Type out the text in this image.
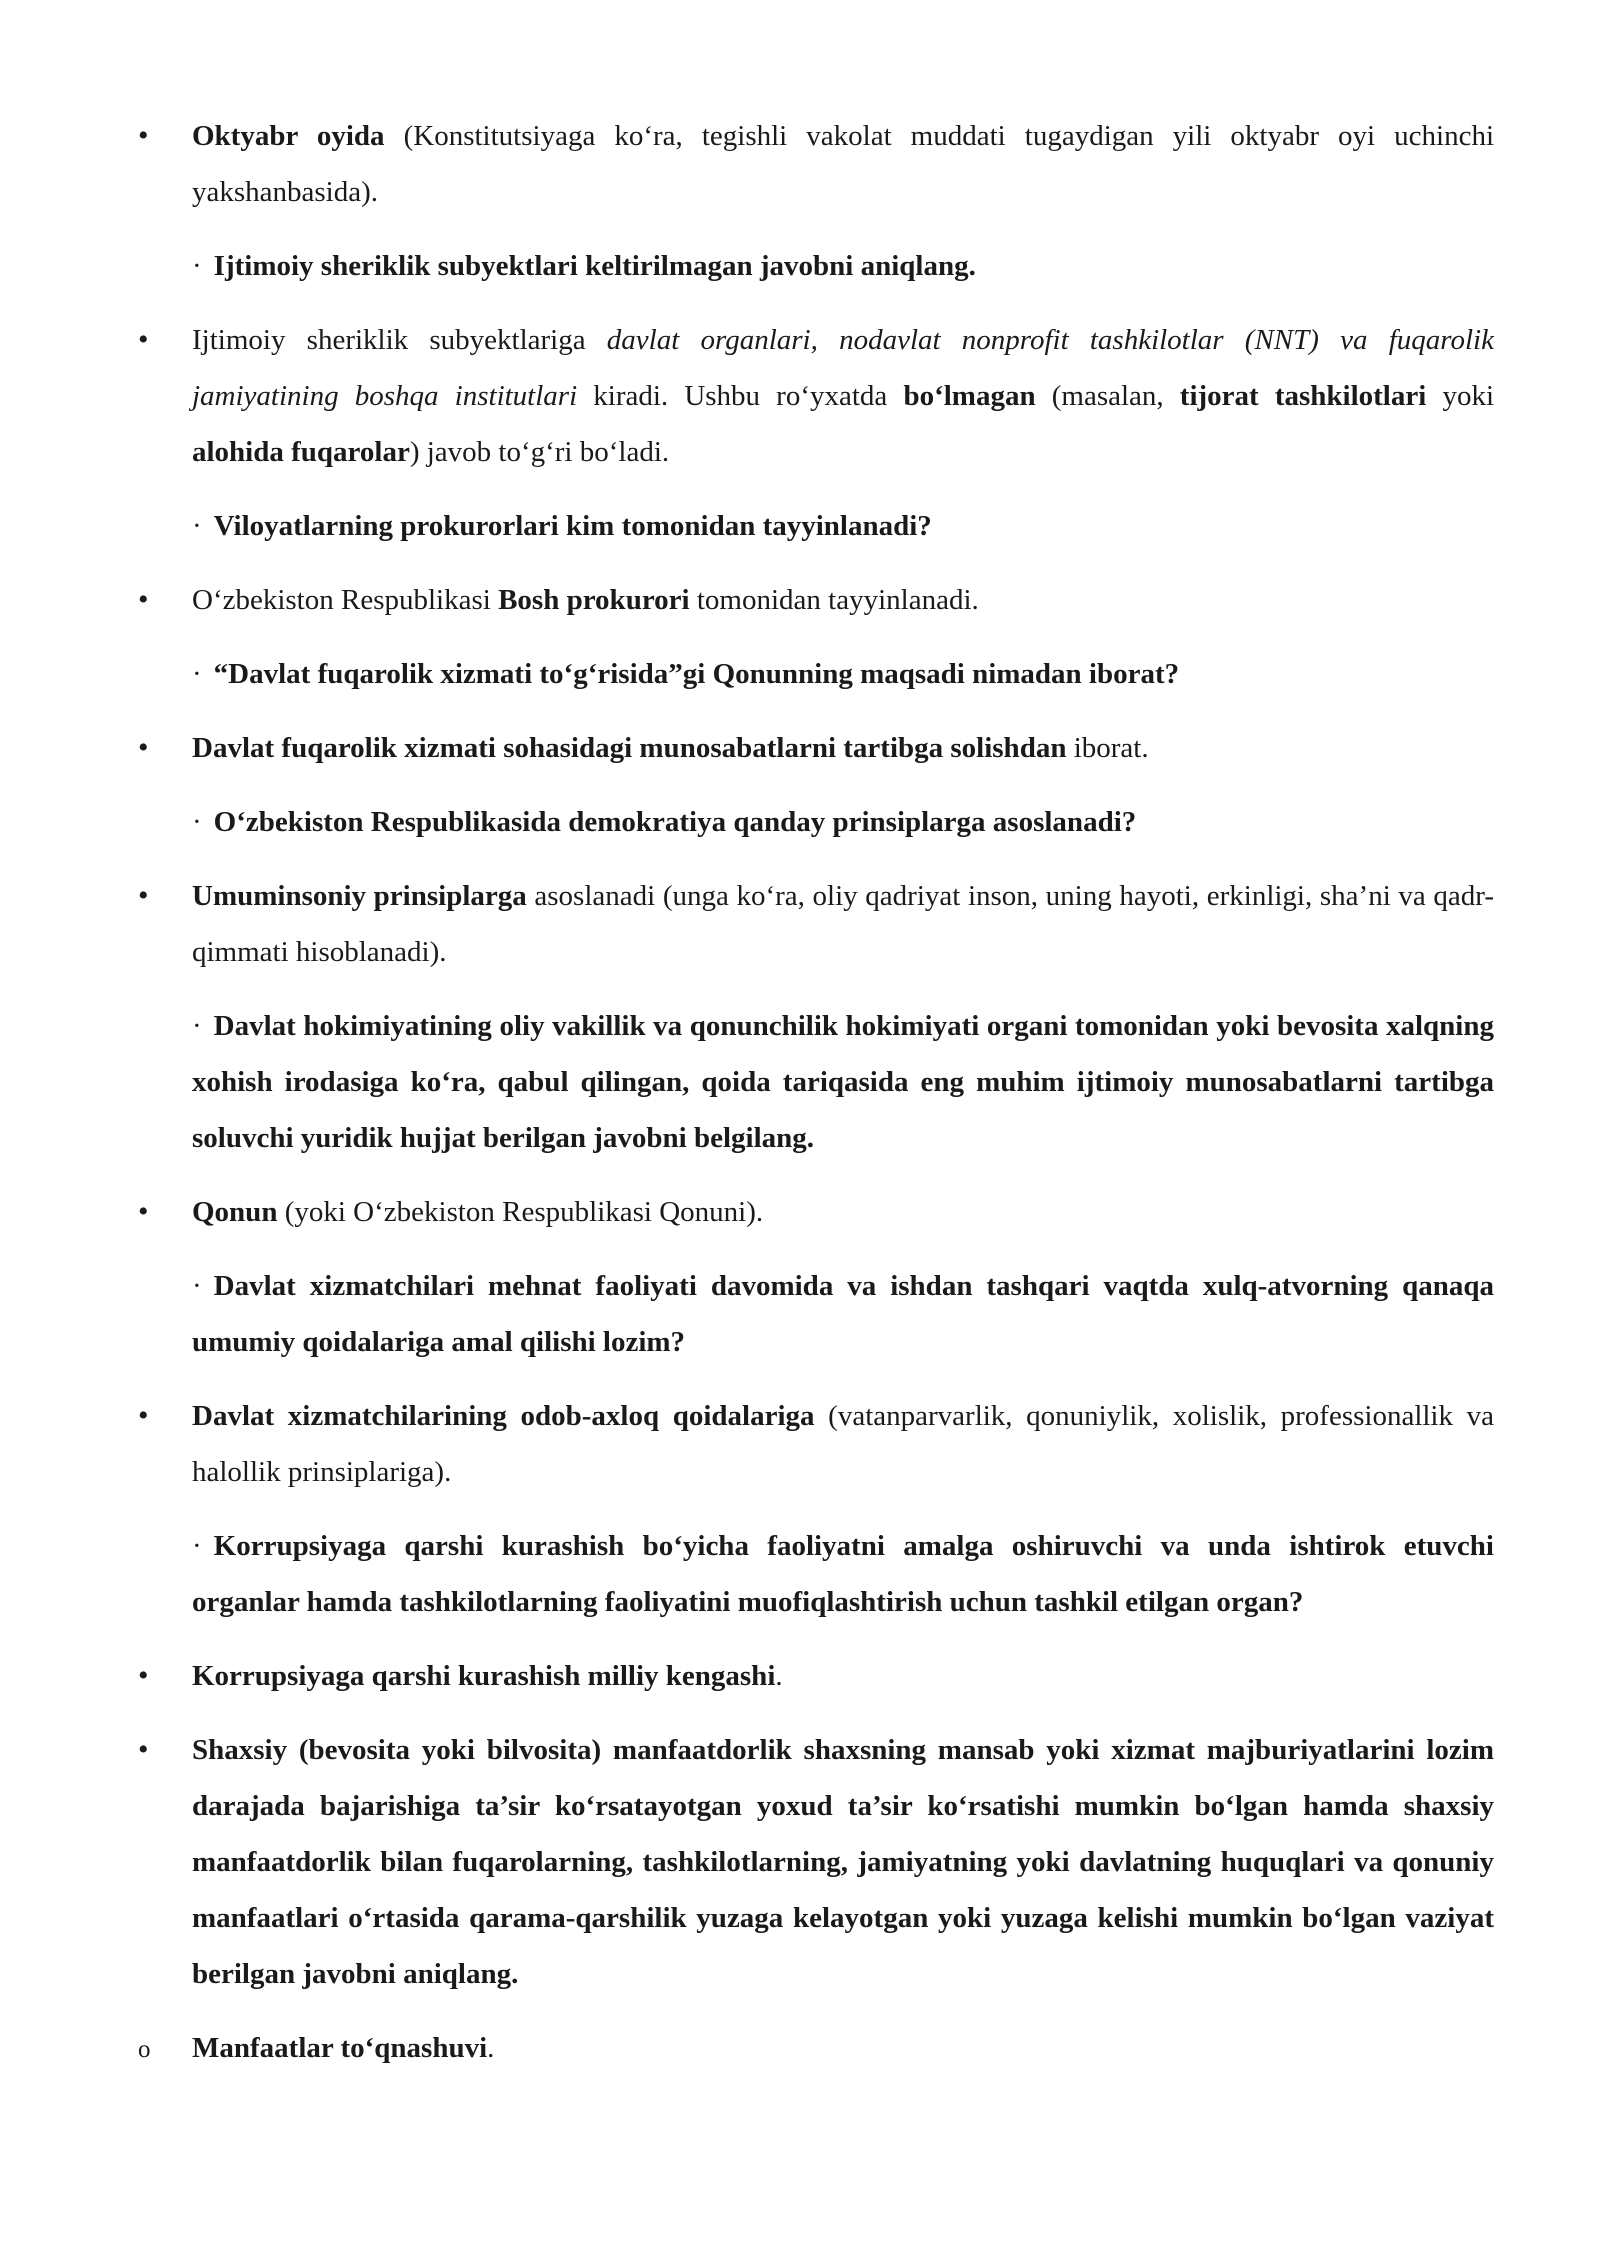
•
Oktyabr oyida (Konstitutsiyaga koʻra, tegishli vakolat muddati tugaydigan yili oktyabr oyi uchinchi yakshanbasida).
· Ijtimoiy sheriklik subyektlari keltirilmagan javobni aniqlang.
•
Ijtimoiy sheriklik subyektlariga davlat organlari, nodavlat nonprofit tashkilotlar (NNT) va fuqarolik jamiyatining boshqa institutlari kiradi. Ushbu roʻyxatda boʻlmagan (masalan, tijorat tashkilotlari yoki alohida fuqarolar) javob toʻgʻri boʻladi.
· Viloyatlarning prokurorlari kim tomonidan tayyinlanadi?
•
Oʻzbekiston Respublikasi Bosh prokurori tomonidan tayyinlanadi.
· “Davlat fuqarolik xizmati toʻgʻrisida”gi Qonunning maqsadi nimadan iborat?
•
Davlat fuqarolik xizmati sohasidagi munosabatlarni tartibga solishdan iborat.
· Oʻzbekiston Respublikasida demokratiya qanday prinsiplarga asoslanadi?
•
Umuminsoniy prinsiplarga asoslanadi (unga koʻra, oliy qadriyat inson, uning hayoti, erkinligi, sha’ni va qadr-qimmati hisoblanadi).
· Davlat hokimiyatining oliy vakillik va qonunchilik hokimiyati organi tomonidan yoki bevosita xalqning xohish irodasiga koʻra, qabul qilingan, qoida tariqasida eng muhim ijtimoiy munosabatlarni tartibga soluvchi yuridik hujjat berilgan javobni belgilang.
•
Qonun (yoki Oʻzbekiston Respublikasi Qonuni).
· Davlat xizmatchilari mehnat faoliyati davomida va ishdan tashqari vaqtda xulq-atvorning qanaqa umumiy qoidalariga amal qilishi lozim?
•
Davlat xizmatchilarining odob-axloq qoidalariga (vatanparvarlik, qonuniylik, xolislik, professionallik va halollik prinsiplariga).
· Korrupsiyaga qarshi kurashish boʻyicha faoliyatni amalga oshiruvchi va unda ishtirok etuvchi organlar hamda tashkilotlarning faoliyatini muofiqlashtirish uchun tashkil etilgan organ?
•
Korrupsiyaga qarshi kurashish milliy kengashi.
•
Shaxsiy (bevosita yoki bilvosita) manfaatdorlik shaxsning mansab yoki xizmat majburiyatlarini lozim darajada bajarishiga ta’sir koʻrsatayotgan yoxud ta’sir koʻrsatishi mumkin boʻlgan hamda shaxsiy manfaatdorlik bilan fuqarolarning, tashkilotlarning, jamiyatning yoki davlatning huquqlari va qonuniy manfaatlari oʻrtasida qarama-qarshilik yuzaga kelayotgan yoki yuzaga kelishi mumkin boʻlgan vaziyat berilgan javobni aniqlang.
o
Manfaatlar toʻqnashuvi.
